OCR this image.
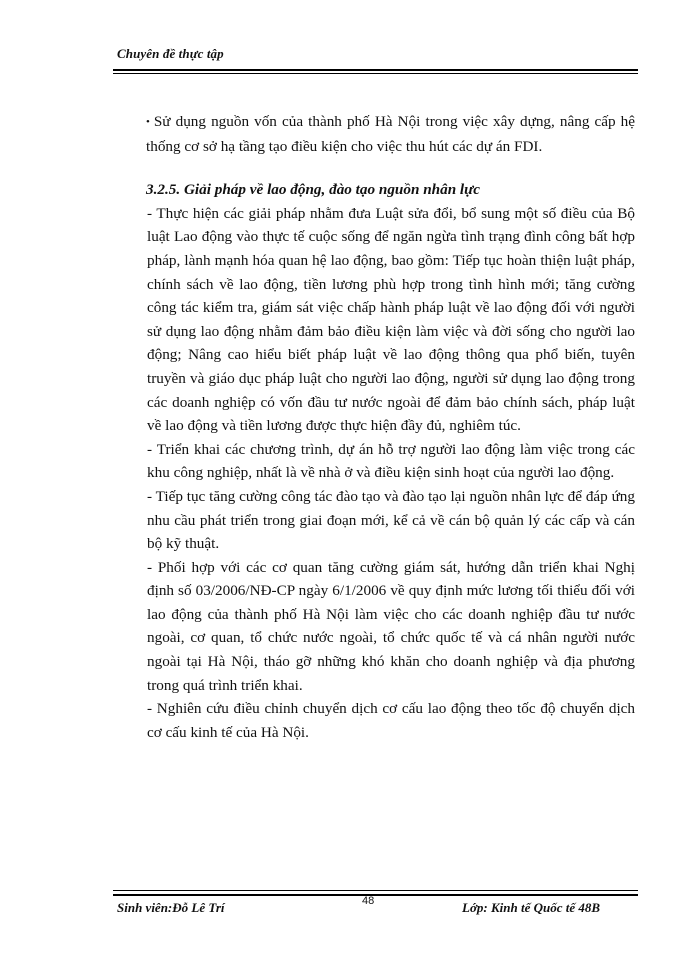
Chuyên đề thực tập

• Sử dụng nguồn vốn của thành phố Hà Nội trong việc xây dựng, nâng cấp hệ thống cơ sở hạ tầng tạo điều kiện cho việc thu hút các dự án FDI.

3.2.5. Giải pháp về lao động, đào tạo nguồn nhân lực

- Thực hiện các giải pháp nhằm đưa Luật sửa đổi, bổ sung một số điều của Bộ luật Lao động vào thực tế cuộc sống để ngăn ngừa tình trạng đình công bất hợp pháp, lành mạnh hóa quan hệ lao động, bao gồm: Tiếp tục hoàn thiện luật pháp, chính sách về lao động, tiền lương phù hợp trong tình hình mới; tăng cường công tác kiểm tra, giám sát việc chấp hành pháp luật về lao động đối với người sử dụng lao động nhằm đảm bảo điều kiện làm việc và đời sống cho người lao động; Nâng cao hiểu biết pháp luật về lao động thông qua phổ biến, tuyên truyền và giáo dục pháp luật cho người lao động, người sử dụng lao động trong các doanh nghiệp có vốn đầu tư nước ngoài để đảm bảo chính sách, pháp luật về lao động và tiền lương được thực hiện đầy đủ, nghiêm túc.

- Triển khai các chương trình, dự án hỗ trợ người lao động làm việc trong các khu công nghiệp, nhất là về nhà ở và điều kiện sinh hoạt của người lao động.

- Tiếp tục tăng cường công tác đào tạo và đào tạo lại nguồn nhân lực để đáp ứng nhu cầu phát triển trong giai đoạn mới, kể cả về cán bộ quản lý các cấp và cán bộ kỹ thuật.

- Phối hợp với các cơ quan tăng cường giám sát, hướng dẫn triển khai Nghị định số 03/2006/NĐ-CP ngày 6/1/2006 về quy định mức lương tối thiểu đối với lao động của thành phố Hà Nội làm việc cho các doanh nghiệp đầu tư nước ngoài, cơ quan, tổ chức nước ngoài, tổ chức quốc tế và cá nhân người nước ngoài tại Hà Nội, tháo gỡ những khó khăn cho doanh nghiệp và địa phương trong quá trình triển khai.

- Nghiên cứu điều chỉnh chuyển dịch cơ cấu lao động theo tốc độ chuyển dịch cơ cấu kinh tế của Hà Nội.

Sinh viên:Đỗ Lê Trí	48	Lớp: Kinh tế Quốc tế 48B
